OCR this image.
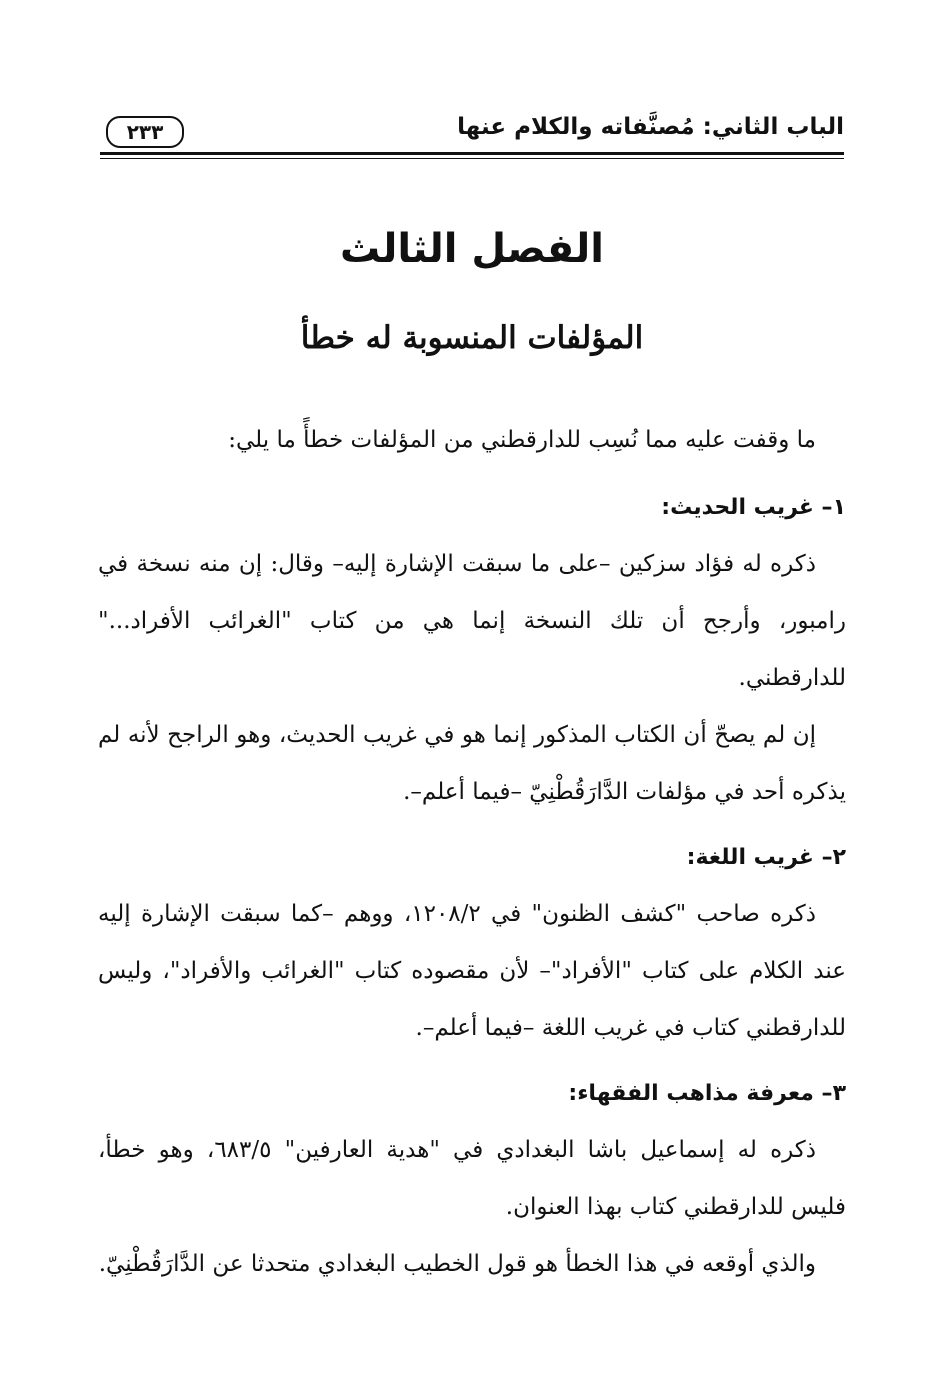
الباب الثاني: مُصنَّفاته والكلام عنها
٢٣٣
الفصل الثالث
المؤلفات المنسوبة له خطأ

ما وقفت عليه مما نُسِب للدارقطني من المؤلفات خطأً ما يلي:

١– غريب الحديث:

ذكره له فؤاد سزكين –على ما سبقت الإشارة إليه– وقال: إن منه نسخة في رامبور، وأرجح أن تلك النسخة إنما هي من كتاب "الغرائب الأفراد..." للدارقطني.

إن لم يصحّ أن الكتاب المذكور إنما هو في غريب الحديث، وهو الراجح لأنه لم يذكره أحد في مؤلفات الدَّارَقُطْنِيّ –فيما أعلم–.

٢– غريب اللغة:

ذكره صاحب "كشف الظنون" في ١٢٠٨/٢، ووهم –كما سبقت الإشارة إليه عند الكلام على كتاب "الأفراد"– لأن مقصوده كتاب "الغرائب والأفراد"، وليس للدارقطني كتاب في غريب اللغة –فيما أعلم–.

٣– معرفة مذاهب الفقهاء:

ذكره له إسماعيل باشا البغدادي في "هدية العارفين" ٦٨٣/٥، وهو خطأ، فليس للدارقطني كتاب بهذا العنوان.

والذي أوقعه في هذا الخطأ هو قول الخطيب البغدادي متحدثا عن الدَّارَقُطْنِيّ.
